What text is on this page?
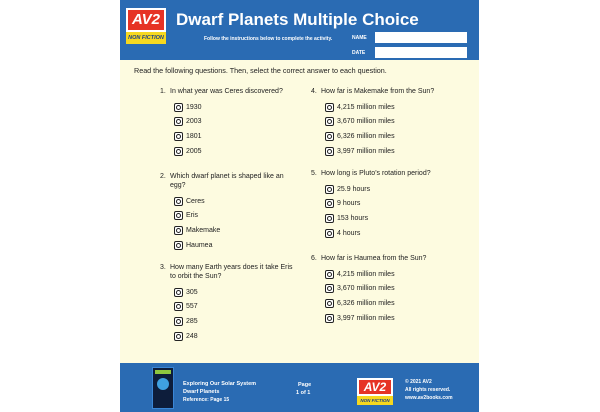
AV2
NON FICTION
Dwarf Planets Multiple Choice
Follow the instructions below to complete the activity.	NAME
DATE
Read the following questions. Then, select the correct answer to each question.
1. In what year was Ceres discovered?
1930
2003
1801
2005
2. Which dwarf planet is shaped like an egg?
Ceres
Eris
Makemake
Haumea
3. How many Earth years does it take Eris to orbit the Sun?
305
557
285
248
4. How far is Makemake from the Sun?
4,215 million miles
3,670 million miles
6,326 million miles
3,997 million miles
5. How long is Pluto’s rotation period?
25.9 hours
9 hours
153 hours
4 hours
6. How far is Haumea from the Sun?
4,215 million miles
3,670 million miles
6,326 million miles
3,997 million miles
Exploring Our Solar System
Dwarf Planets
Reference: Page 15
Page
1 of 1	AV2
NON FICTION
© 2021 AV2
All rights reserved.
www.av2books.com
